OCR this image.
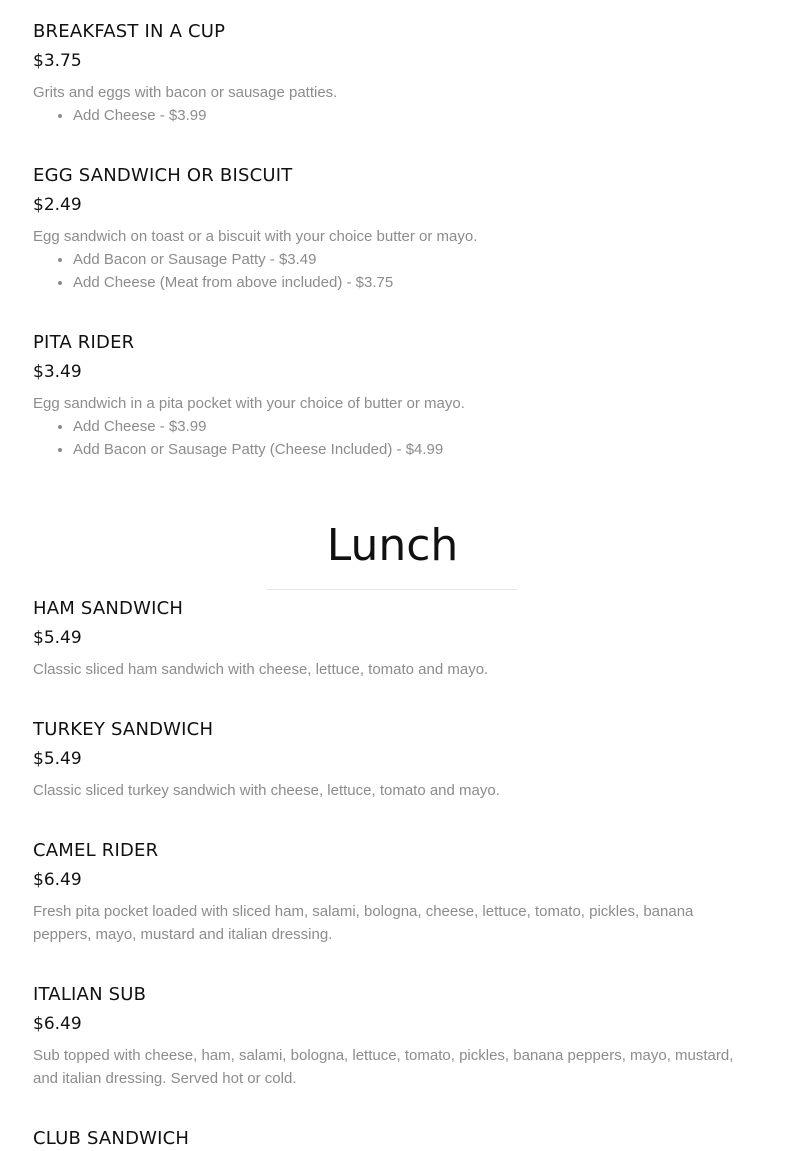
BREAKFAST IN A CUP
$3.75
Grits and eggs with bacon or sausage patties.
• Add Cheese - $3.99
EGG SANDWICH OR BISCUIT
$2.49
Egg sandwich on toast or a biscuit with your choice butter or mayo.
• Add Bacon or Sausage Patty - $3.49
• Add Cheese (Meat from above included) - $3.75
PITA RIDER
$3.49
Egg sandwich in a pita pocket with your choice of butter or mayo.
• Add Cheese - $3.99
• Add Bacon or Sausage Patty (Cheese Included) - $4.99
Lunch
HAM SANDWICH
$5.49
Classic sliced ham sandwich with cheese, lettuce, tomato and mayo.
TURKEY SANDWICH
$5.49
Classic sliced turkey sandwich with cheese, lettuce, tomato and mayo.
CAMEL RIDER
$6.49
Fresh pita pocket loaded with sliced ham, salami, bologna, cheese, lettuce, tomato, pickles, banana peppers, mayo, mustard and italian dressing.
ITALIAN SUB
$6.49
Sub topped with cheese, ham, salami, bologna, lettuce, tomato, pickles, banana peppers, mayo, mustard, and italian dressing. Served hot or cold.
CLUB SANDWICH
